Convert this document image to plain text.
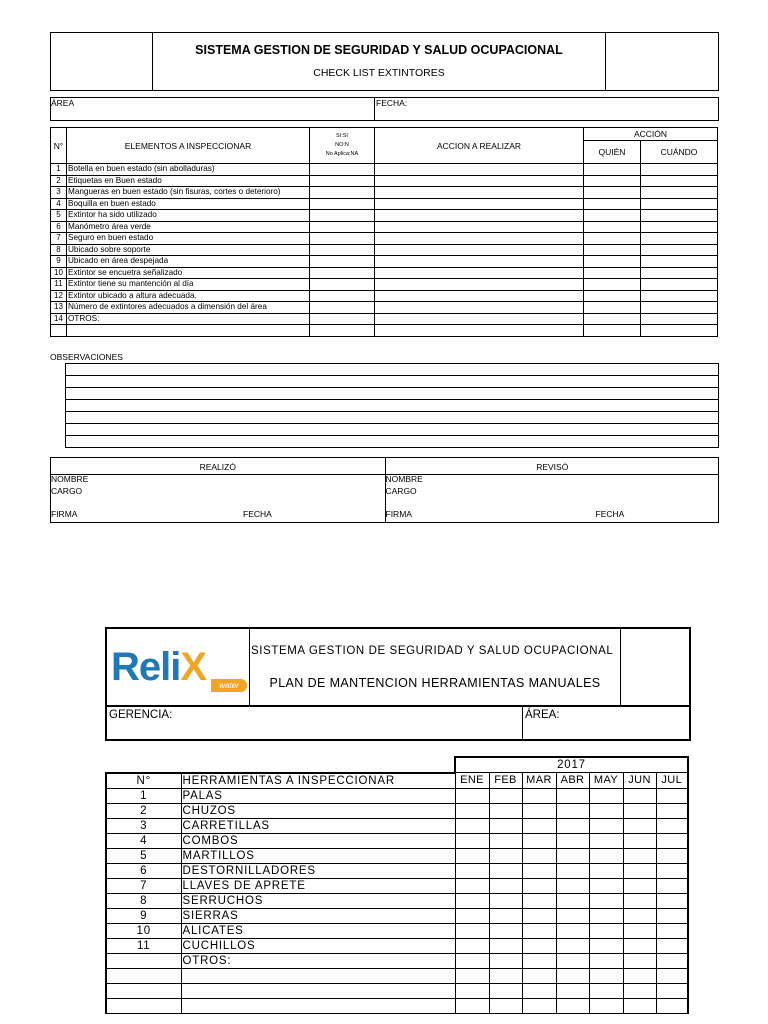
SISTEMA GESTION DE SEGURIDAD Y SALUD OCUPACIONAL
CHECK LIST EXTINTORES
ÁREA	FECHA:
N°	ELEMENTOS A INSPECCIONAR	SI:SI
NO:N
No Aplica:NA	ACCION A REALIZAR	ACCIÓN	
				QUIÉN	CUÁNDO
1	Botella en buen estado (sin abolladuras)				
2	Etiquetas en Buen estado				
3	Mangueras en buen estado (sin fisuras, cortes o deterioro)				
4	Boquilla en buen estado				
5	Extintor ha sido utilizado				
6	Manómetro área verde				
7	Seguro en buen estado				
8	Ubicado sobre soporte				
9	Ubicado en área despejada				
10	Extintor se encuetra señalizado				
11	Extintor tiene su mantención al día				
12	Extintor ubicado a altura adecuada.				
13	Número de extintores adecuados a dimensión del área				
14	OTROS:				

OBSERVACIONES
REALIZÓ
NOMBRE
CARGO
FIRMA	FECHA
REVISÓ
NOMBRE
CARGO
FIRMA	FECHA
ReliX	water
SISTEMA GESTION DE SEGURIDAD Y SALUD OCUPACIONAL
PLAN DE MANTENCION HERRAMIENTAS MANUALES
GERENCIA:	ÁREA:
		2017						
N°	HERRAMIENTAS A INSPECCIONAR	ENE	FEB	MAR	ABR	MAY	JUN	JUL
1	PALAS							
2	CHUZOS							
3	CARRETILLAS							
4	COMBOS							
5	MARTILLOS							
6	DESTORNILLADORES							
7	LLAVES DE APRETE							
8	SERRUCHOS							
9	SIERRAS							
10	ALICATES							
11	CUCHILLOS							
	OTROS:							
